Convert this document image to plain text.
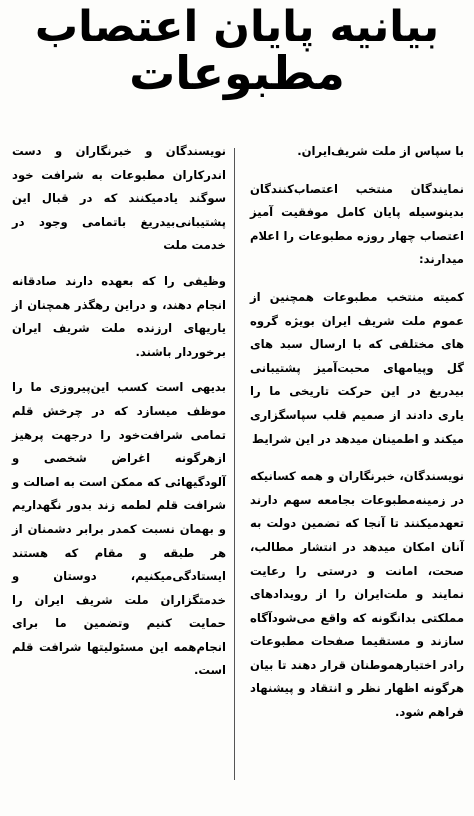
بیانیه پایان اعتصاب
مطبوعات

با سپاس از ملت شریف‌ایران.

نمایندگان منتخب اعتصاب‌کنندگان بدینوسیله پایان کامل موفقیت آمیز اعتصاب چهار روزه مطبوعات را اعلام میدارند:

کمیته منتخب مطبوعات همچنین از عموم ملت شریف ایران بویژه گروه های مختلفی که با ارسال سبد های گل وپیامهای محبت‌آمیز پشتیبانی بیدریغ در این حرکت تاریخی ما را یاری دادند از صمیم قلب سپاسگزاری میکند و اطمینان میدهد در این شرایط

نویسندگان، خبرنگاران و همه کسانیکه در زمینه‌مطبوعات بجامعه سهم دارند تعهدمیکنند تا آنجا که تضمین دولت به آنان امکان میدهد در انتشار مطالب، صحت، امانت و درستی را رعایت نمایند و ملت‌ایران را از رویدادهای مملکتی بدانگونه که واقع می‌شود‌آگاه سازند و مستقیما صفحات مطبوعات رادر اختیارهموطنان قرار دهند تا بیان هرگونه اظهار نظر و انتقاد و پیشنهاد فراهم شود.

نویسندگان و خبرنگاران و دست اندرکاران مطبوعات به شرافت خود سوگند یادمیکنند که در قبال این پشتیبانی‌بیدریغ باتمامی وجود در خدمت ملت

وظیفی را که بعهده دارند صادقانه انجام دهند، و دراین رهگذر همچنان از یاریهای ارزنده ملت شریف ایران برخوردار باشند.

بدیهی است کسب این‌پیروزی ما را موظف میسازد که در چرخش قلم تمامی شرافت‌خود را درجهت پرهیز ازهرگونه اغراض شخصی و آلودگیهائی که ممکن است به اصالت و شرافت قلم لطمه زند بدور نگهداریم و بهمان نسبت کمدر برابر دشمنان از هر طبقه و مقام که هستند ایستادگی‌میکنیم، دوستان و خدمتگزاران ملت شریف ایران را حمایت کنیم وتضمین ما برای انجام‌همه این مسئولیتها شرافت قلم است.
